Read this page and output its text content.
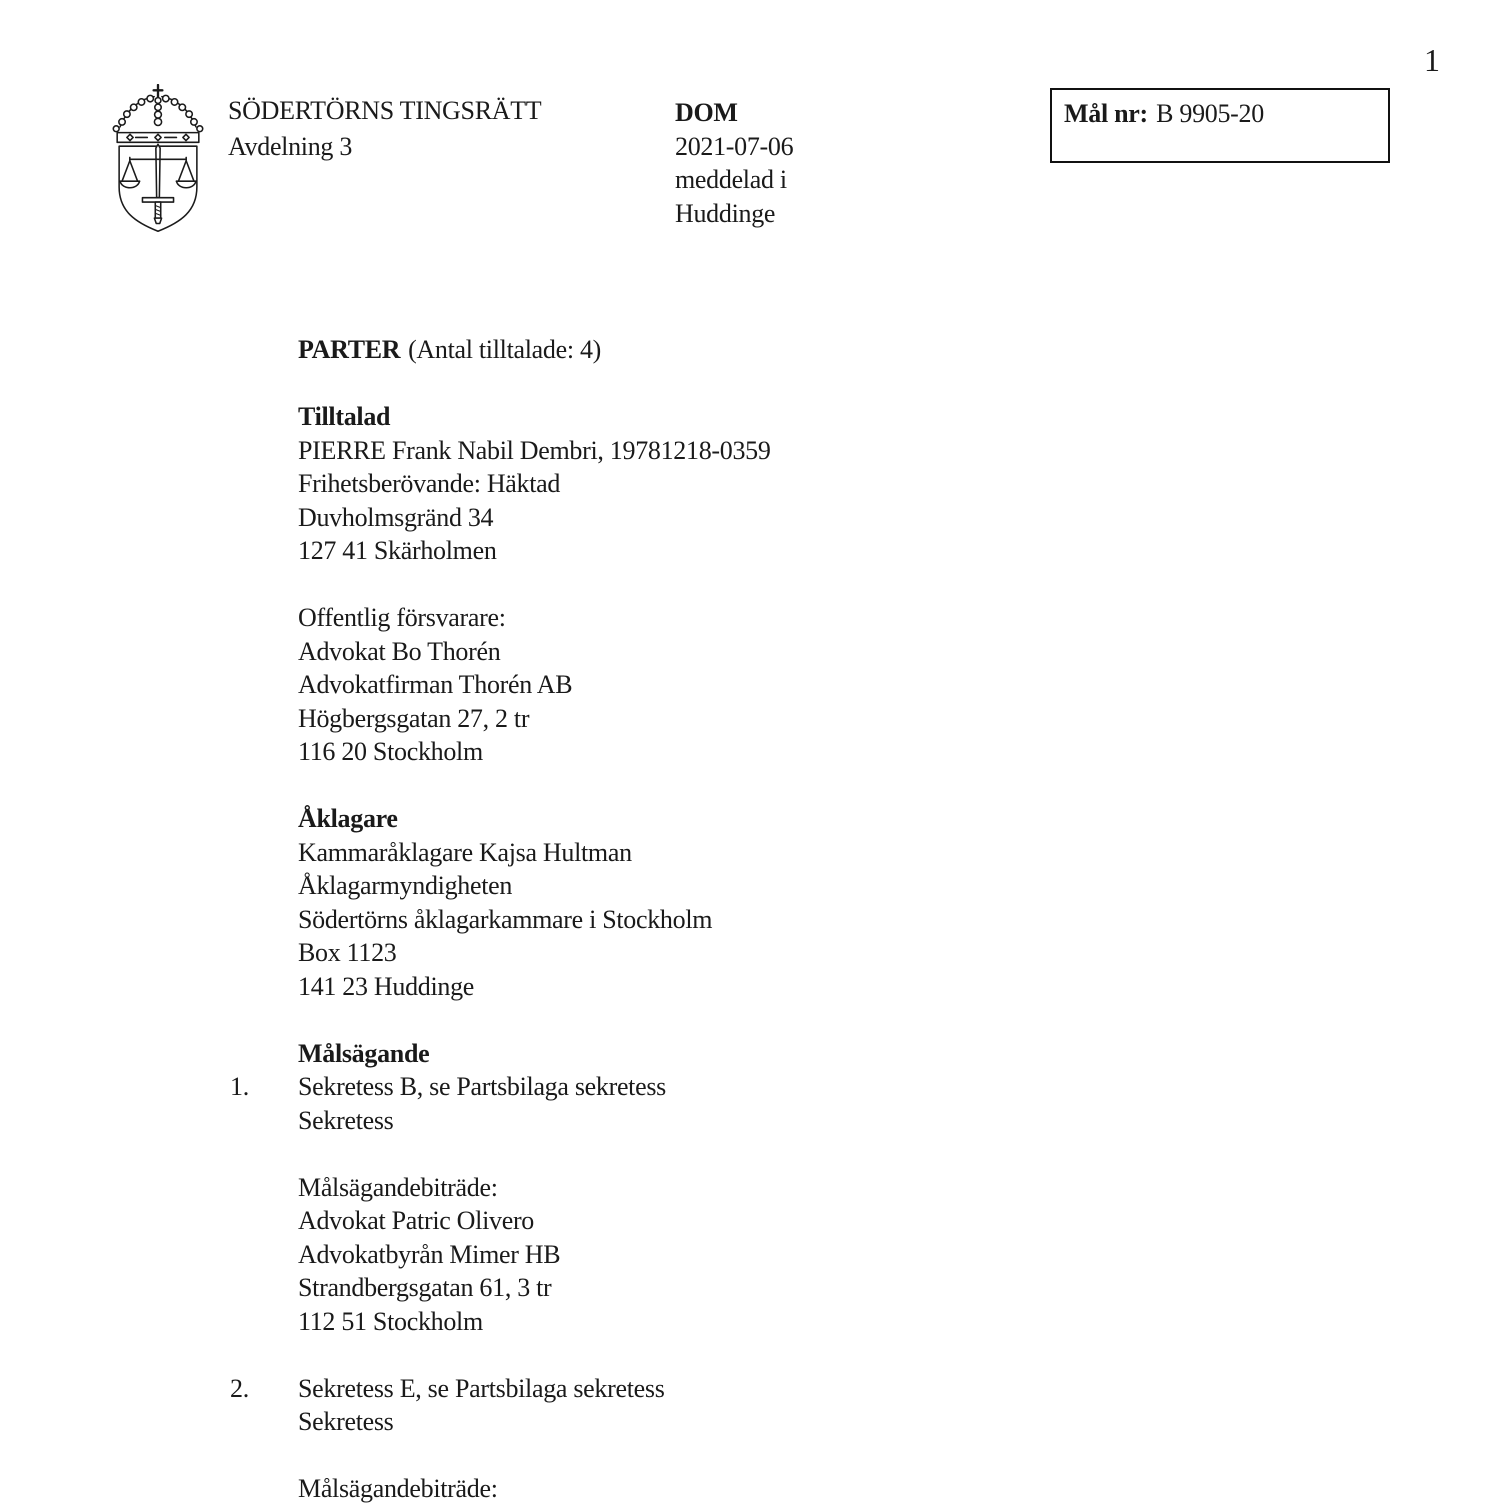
1
SÖDERTÖRNS TINGSRÄTT
Avdelning 3
DOM
2021-07-06
meddelad i
Huddinge
Mål nr: B 9905-20
PARTER (Antal tilltalade: 4)
Tilltalad
PIERRE Frank Nabil Dembri, 19781218-0359
Frihetsberövande: Häktad
Duvholmsgränd 34
127 41 Skärholmen
Offentlig försvarare:
Advokat Bo Thorén
Advokatfirman Thorén AB
Högbergsgatan 27, 2 tr
116 20 Stockholm
Åklagare
Kammaråklagare Kajsa Hultman
Åklagarmyndigheten
Södertörns åklagarkammare i Stockholm
Box 1123
141 23 Huddinge
Målsägande
1. Sekretess B, se Partsbilaga sekretess
Sekretess
Målsägandebiträde:
Advokat Patric Olivero
Advokatbyrån Mimer HB
Strandbergsgatan 61, 3 tr
112 51 Stockholm
2. Sekretess E, se Partsbilaga sekretess
Sekretess
Målsägandebiträde:
